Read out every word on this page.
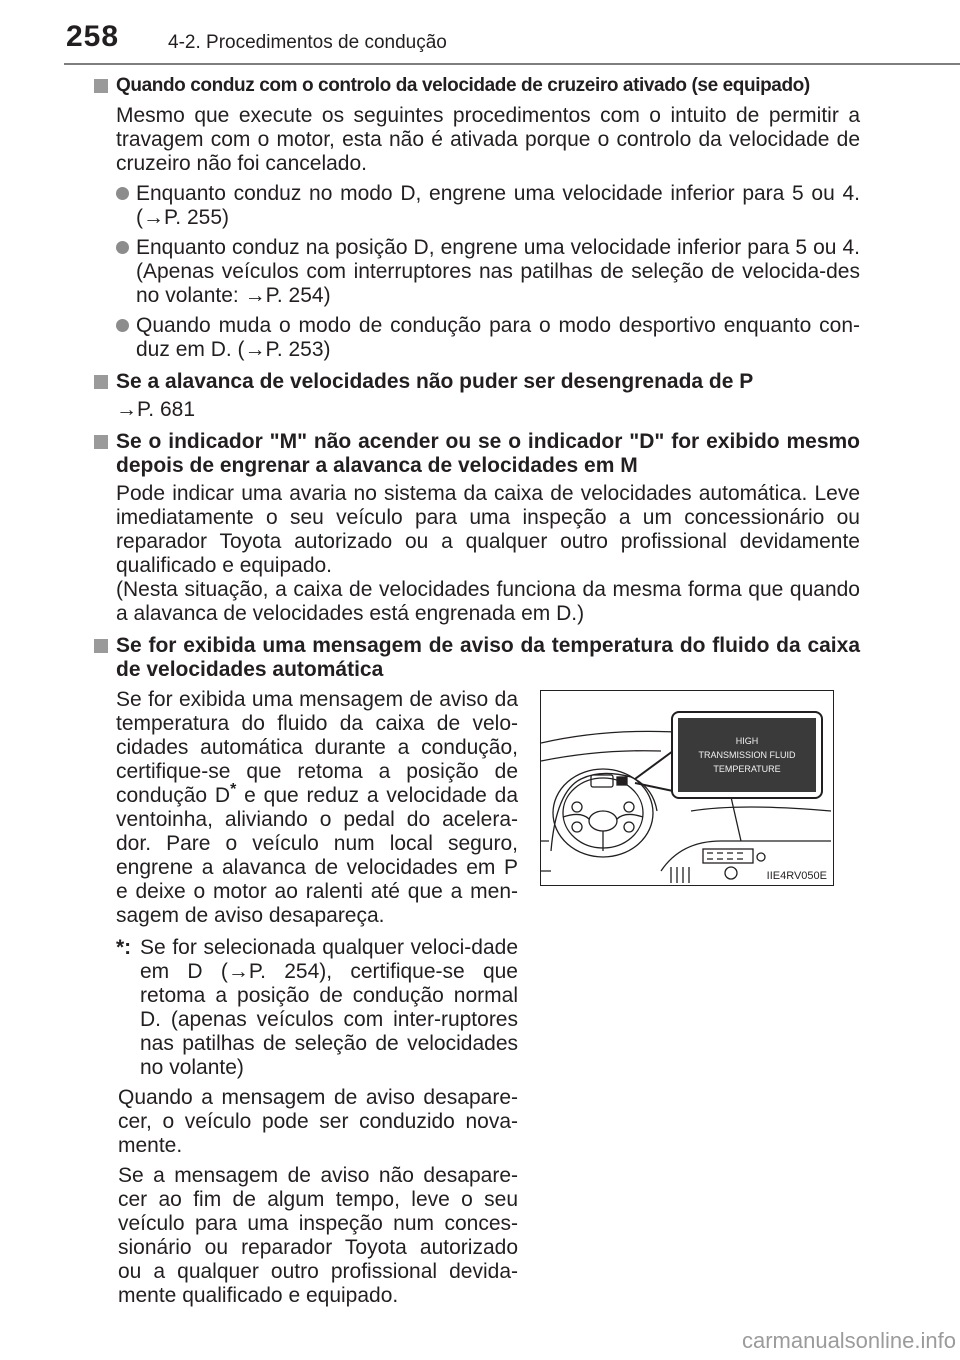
258	4-2. Procedimentos de condução
Quando conduz com o controlo da velocidade de cruzeiro ativado (se equipado)

Mesmo que execute os seguintes procedimentos com o intuito de permitir a travagem com o motor, esta não é ativada porque o controlo da velocidade de cruzeiro não foi cancelado.

Enquanto conduz no modo D, engrene uma velocidade inferior para 5 ou 4. (→P. 255)
Enquanto conduz na posição D, engrene uma velocidade inferior para 5 ou 4. (Apenas veículos com interruptores nas patilhas de seleção de velocida-des no volante: →P. 254)
Quando muda o modo de condução para o modo desportivo enquanto con-duz em D. (→P. 253)
Se a alavanca de velocidades não puder ser desengrenada de P

→P. 681

Se o indicador "M" não acender ou se o indicador "D" for exibido mesmo depois de engrenar a alavanca de velocidades em M

Pode indicar uma avaria no sistema da caixa de velocidades automática. Leve imediatamente o seu veículo para uma inspeção a um concessionário ou reparador Toyota autorizado ou a qualquer outro profissional devidamente qualificado e equipado.

(Nesta situação, a caixa de velocidades funciona da mesma forma que quando a alavanca de velocidades está engrenada em D.)

Se for exibida uma mensagem de aviso da temperatura do fluido da caixa de velocidades automática

Se for exibida uma mensagem de aviso da temperatura do fluido da caixa de velo-cidades automática durante a condução, certifique-se que retoma a posição de condução D* e que reduz a velocidade da ventoinha, aliviando o pedal do acelera-dor. Pare o veículo num local seguro, engrene a alavanca de velocidades em P e deixe o motor ao ralenti até que a men-sagem de aviso desapareça.

*: Se for selecionada qualquer veloci-dade em D (→P. 254), certifique-se que retoma a posição de condução normal D. (apenas veículos com inter-ruptores nas patilhas de seleção de velocidades no volante)

Quando a mensagem de aviso desapare-cer, o veículo pode ser conduzido nova-mente.

Se a mensagem de aviso não desapare-cer ao fim de algum tempo, leve o seu veículo para uma inspeção num conces-sionário ou reparador Toyota autorizado ou a qualquer outro profissional devida-mente qualificado e equipado.

HIGH
TRANSMISSION FLUID
TEMPERATURE
IIE4RV050E
carmanualsonline.info
